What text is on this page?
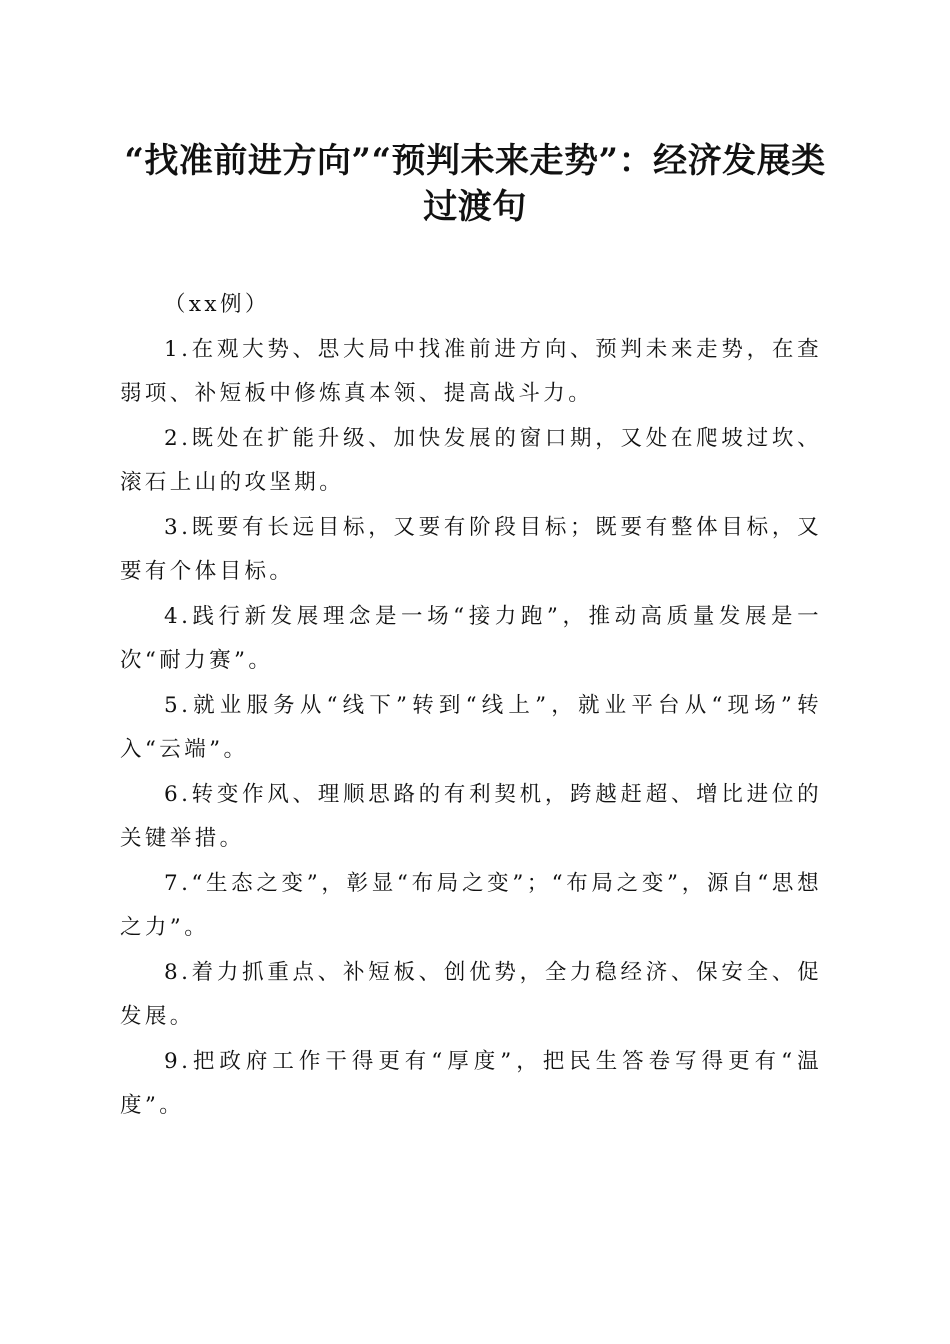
“找准前进方向”“预判未来走势”：经济发展类过渡句

（xx例）

1.在观大势、思大局中找准前进方向、预判未来走势，在查弱项、补短板中修炼真本领、提高战斗力。

2.既处在扩能升级、加快发展的窗口期，又处在爬坡过坎、滚石上山的攻坚期。

3.既要有长远目标，又要有阶段目标；既要有整体目标，又要有个体目标。

4.践行新发展理念是一场“接力跑”，推动高质量发展是一次“耐力赛”。

5.就业服务从“线下”转到“线上”，就业平台从“现场”转入“云端”。

6.转变作风、理顺思路的有利契机，跨越赶超、增比进位的关键举措。

7.“生态之变”，彰显“布局之变”；“布局之变”，源自“思想之力”。

8.着力抓重点、补短板、创优势，全力稳经济、保安全、促发展。

9.把政府工作干得更有“厚度”，把民生答卷写得更有“温度”。
